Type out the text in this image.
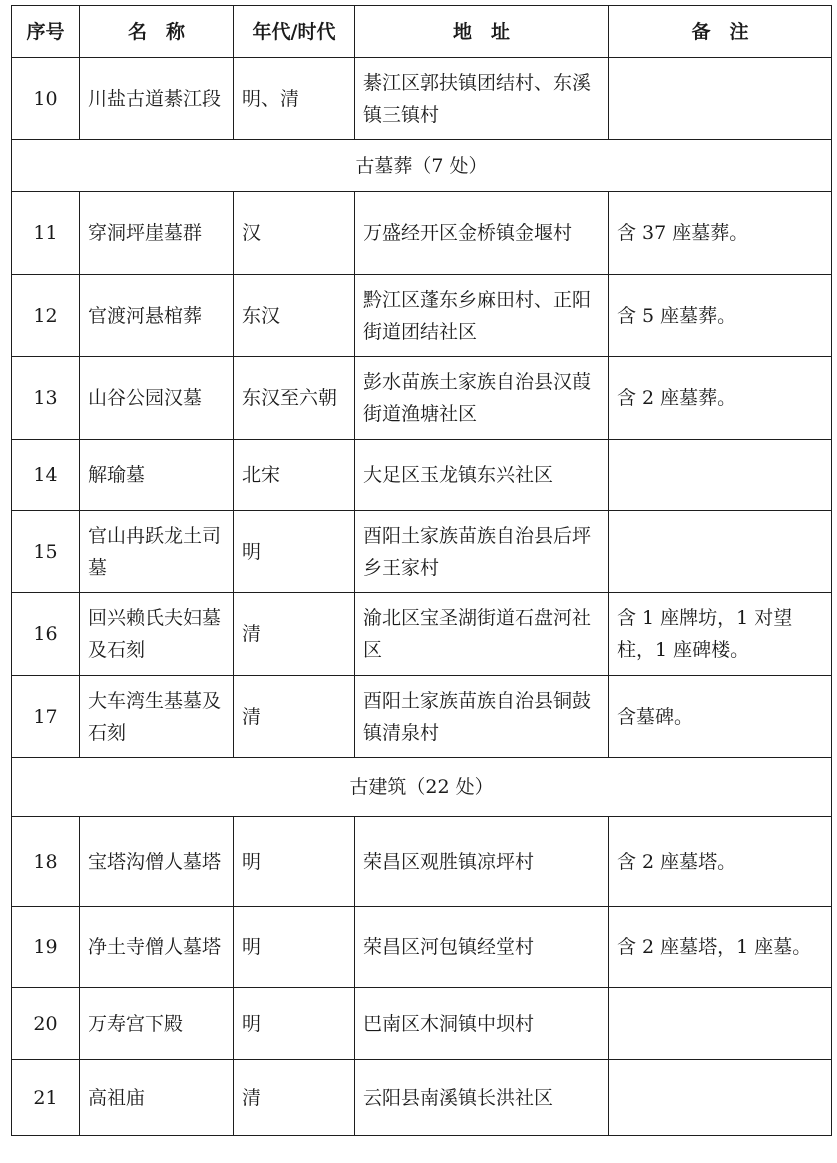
序号	名　称	年代/时代	地　址	备　注
10	川盐古道綦江段	明、清	綦江区郭扶镇团结村、东溪镇三镇村	
古墓葬（7 处）				
11	穿洞坪崖墓群	汉	万盛经开区金桥镇金堰村	含 37 座墓葬。
12	官渡河悬棺葬	东汉	黔江区蓬东乡麻田村、正阳街道团结社区	含 5 座墓葬。
13	山谷公园汉墓	东汉至六朝	彭水苗族土家族自治县汉葭街道渔塘社区	含 2 座墓葬。
14	解瑜墓	北宋	大足区玉龙镇东兴社区	
15	官山冉跃龙土司墓	明	酉阳土家族苗族自治县后坪乡王家村	
16	回兴赖氏夫妇墓及石刻	清	渝北区宝圣湖街道石盘河社区	含 1 座牌坊，1 对望柱，1 座碑楼。
17	大车湾生基墓及石刻	清	酉阳土家族苗族自治县铜鼓镇清泉村	含墓碑。
古建筑（22 处）				
18	宝塔沟僧人墓塔	明	荣昌区观胜镇凉坪村	含 2 座墓塔。
19	净土寺僧人墓塔	明	荣昌区河包镇经堂村	含 2 座墓塔，1 座墓。
20	万寿宫下殿	明	巴南区木洞镇中坝村	
21	高祖庙	清	云阳县南溪镇长洪社区	
